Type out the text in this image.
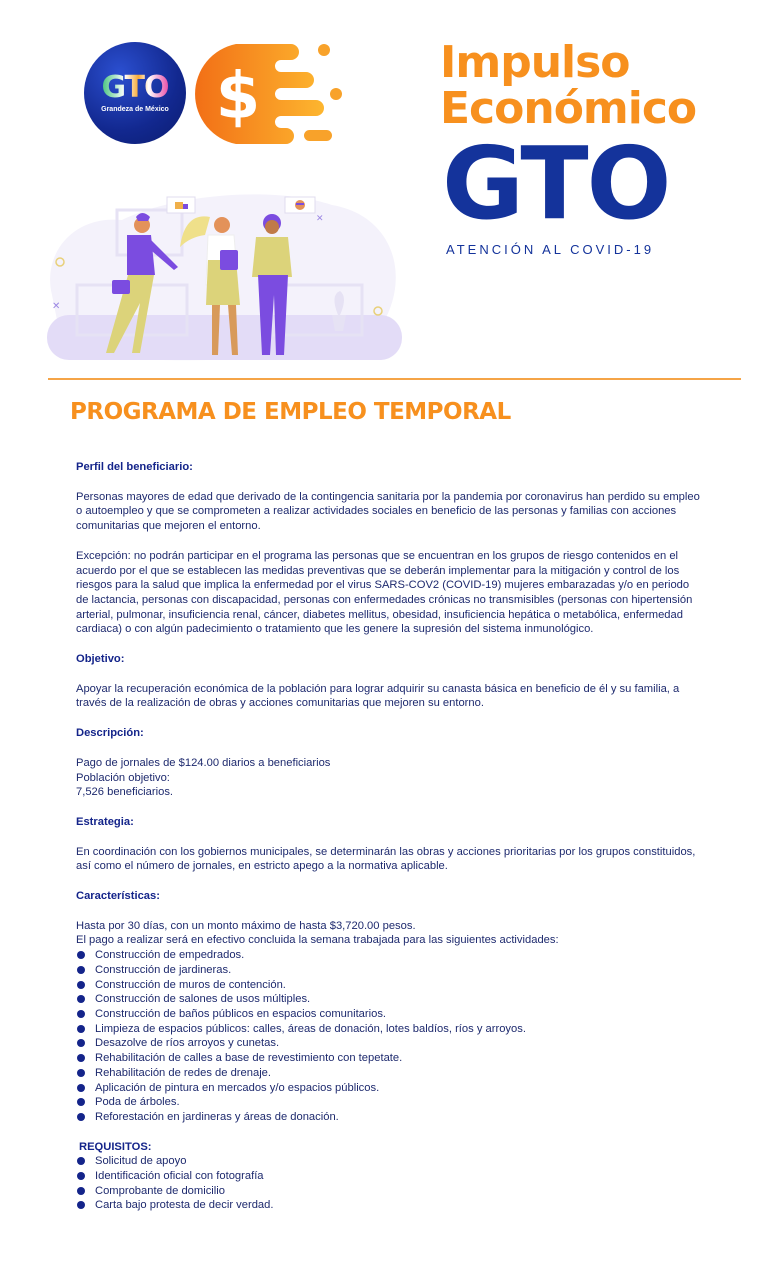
GTO
Grandeza de México $	Impulso
Económico
GTO
ATENCIÓN AL COVID-19
✕
✕
PROGRAMA DE EMPLEO TEMPORAL
Perfil del beneficiario:

Personas mayores de edad que derivado de la contingencia sanitaria por la pandemia por coronavirus han perdido su empleo o autoempleo y que se comprometen a realizar actividades sociales en beneficio de las personas y familias con acciones comunitarias que mejoren el entorno.

Excepción: no podrán participar en el programa las personas que se encuentran en los grupos de riesgo contenidos en el acuerdo por el que se establecen las medidas preventivas que se deberán implementar para la mitigación y control de los riesgos para la salud que implica la enfermedad por el virus SARS-COV2 (COVID-19) mujeres embarazadas y/o en periodo de lactancia, personas con discapacidad, personas con enfermedades crónicas no transmisibles (personas con hipertensión arterial, pulmonar, insuficiencia renal, cáncer, diabetes mellitus, obesidad, insuficiencia hepática o metabólica, enfermedad cardiaca) o con algún padecimiento o tratamiento que les genere la supresión del sistema inmunológico.

Objetivo:

Apoyar la recuperación económica de la población para lograr adquirir su canasta básica en beneficio de él y su familia, a través de la realización de obras y acciones comunitarias que mejoren su entorno.

Descripción:

Pago de jornales de $124.00 diarios a beneficiarios

Población objetivo:

7,526 beneficiarios.

Estrategia:

En coordinación con los gobiernos municipales, se determinarán las obras y acciones prioritarias por los grupos constituidos, así como el número de jornales, en estricto apego a la normativa aplicable.

Características:

Hasta por 30 días, con un monto máximo de hasta $3,720.00 pesos.

El pago a realizar será en efectivo concluida la semana trabajada para las siguientes actividades:

Construcción de empedrados.
Construcción de jardineras.
Construcción de muros de contención.
Construcción de salones de usos múltiples.
Construcción de baños públicos en espacios comunitarios.
Limpieza de espacios públicos: calles, áreas de donación, lotes baldíos, ríos y arroyos.
Desazolve de ríos arroyos y cunetas.
Rehabilitación de calles a base de revestimiento con tepetate.
Rehabilitación de redes de drenaje.
Aplicación de pintura en mercados y/o espacios públicos.
Poda de árboles.
Reforestación en jardineras y áreas de donación.
REQUISITOS:
Solicitud de apoyo
Identificación oficial con fotografía
Comprobante de domicilio
Carta bajo protesta de decir verdad.
